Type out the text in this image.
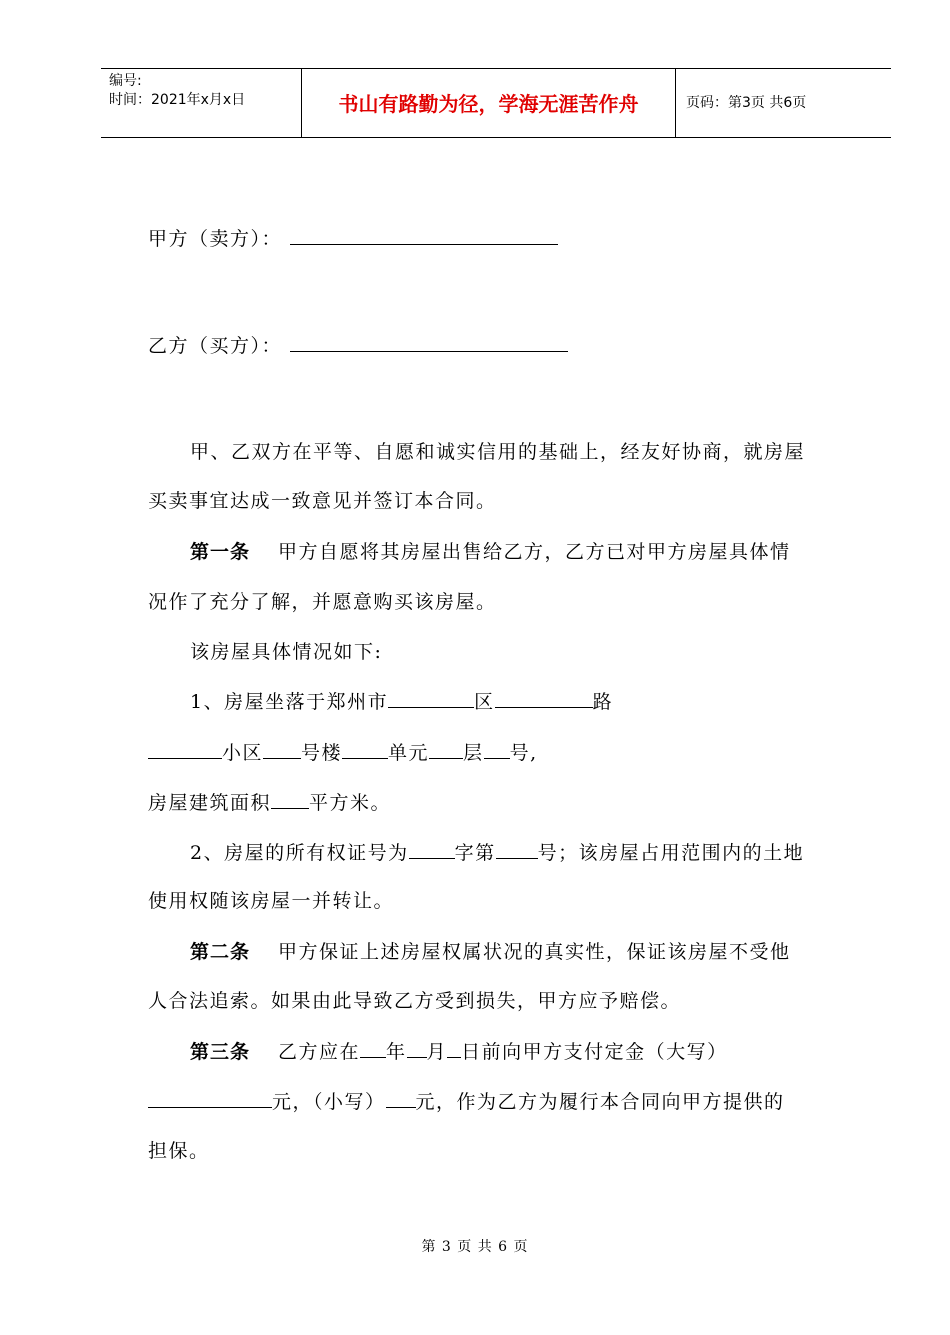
编号:
时间：2021年x月x日	书山有路勤为径，学海无涯苦作舟	页码：第3页 共6页
甲方（卖方）：
乙方（买方）：
甲、乙双方在平等、自愿和诚实信用的基础上，经友好协商，就房屋
买卖事宜达成一致意见并签订本合同。
第一条 甲方自愿将其房屋出售给乙方，乙方已对甲方房屋具体情
况作了充分了解，并愿意购买该房屋。
该房屋具体情况如下:
1、房屋坐落于郑州市	区	路
小区 号楼 单元 层 号,
房屋建筑面积 平方米。
2、房屋的所有权证号为 字第 号；该房屋占用范围内的土地
使用权随该房屋一并转让。
第二条 甲方保证上述房屋权属状况的真实性，保证该房屋不受他
人合法追索。如果由此导致乙方受到损失，甲方应予赔偿。
第三条 乙方应在 年 月 日前向甲方支付定金（大写）
元，（小写） 元，作为乙方为履行本合同向甲方提供的
担保。
第 3 页 共 6 页
